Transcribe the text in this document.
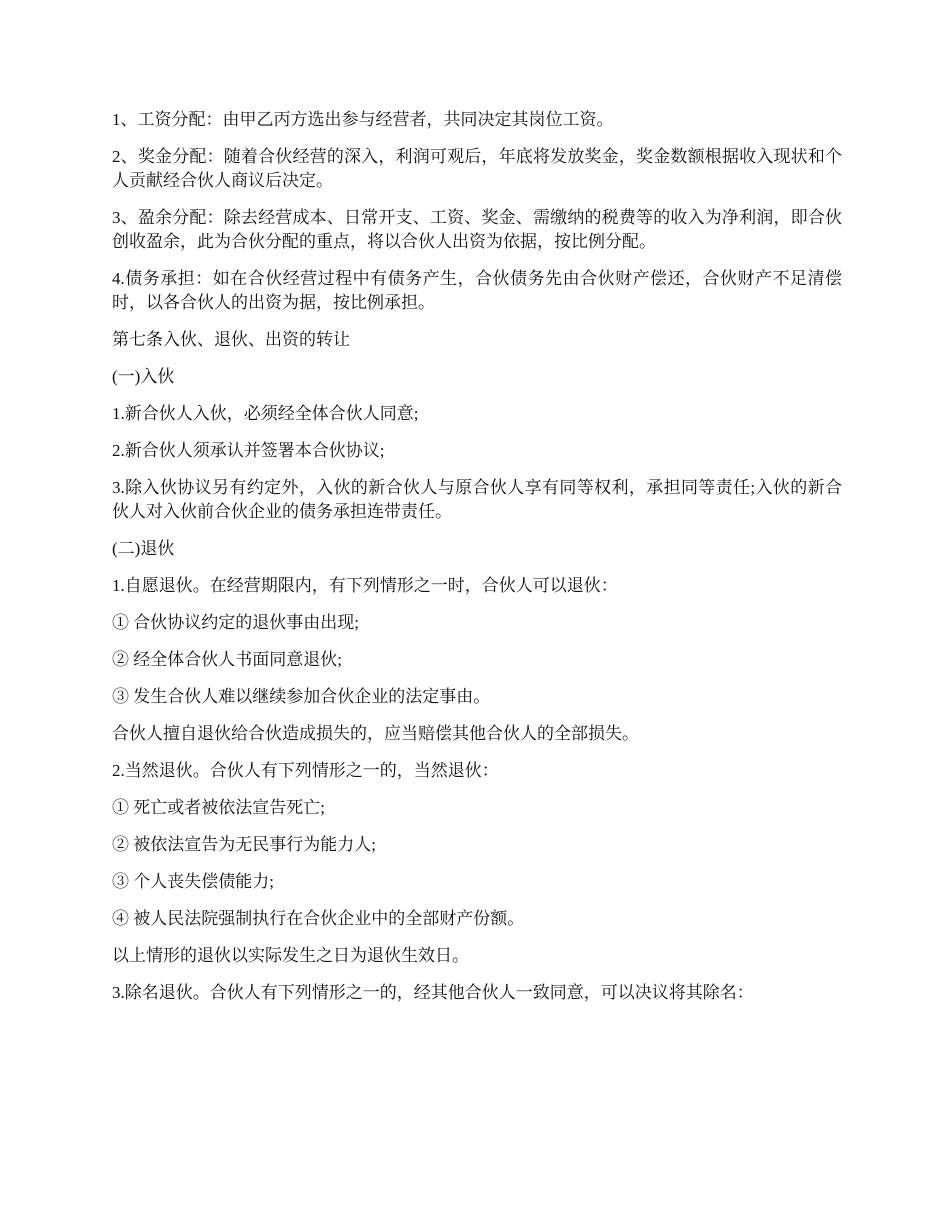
1、工资分配：由甲乙丙方选出参与经营者，共同决定其岗位工资。

2、奖金分配：随着合伙经营的深入，利润可观后，年底将发放奖金，奖金数额根据收入现状和个人贡献经合伙人商议后决定。

3、盈余分配：除去经营成本、日常开支、工资、奖金、需缴纳的税费等的收入为净利润，即合伙创收盈余，此为合伙分配的重点，将以合伙人出资为依据，按比例分配。

4.债务承担：如在合伙经营过程中有债务产生，合伙债务先由合伙财产偿还，合伙财产不足清偿时，以各合伙人的出资为据，按比例承担。

第七条入伙、退伙、出资的转让

(一)入伙

1.新合伙人入伙，必须经全体合伙人同意;

2.新合伙人须承认并签署本合伙协议;

3.除入伙协议另有约定外，入伙的新合伙人与原合伙人享有同等权利，承担同等责任;入伙的新合伙人对入伙前合伙企业的债务承担连带责任。

(二)退伙

1.自愿退伙。在经营期限内，有下列情形之一时，合伙人可以退伙：

① 合伙协议约定的退伙事由出现;

② 经全体合伙人书面同意退伙;

③ 发生合伙人难以继续参加合伙企业的法定事由。

合伙人擅自退伙给合伙造成损失的，应当赔偿其他合伙人的全部损失。

2.当然退伙。合伙人有下列情形之一的，当然退伙：

① 死亡或者被依法宣告死亡;

② 被依法宣告为无民事行为能力人;

③ 个人丧失偿债能力;

④ 被人民法院强制执行在合伙企业中的全部财产份额。

以上情形的退伙以实际发生之日为退伙生效日。

3.除名退伙。合伙人有下列情形之一的，经其他合伙人一致同意，可以决议将其除名：
